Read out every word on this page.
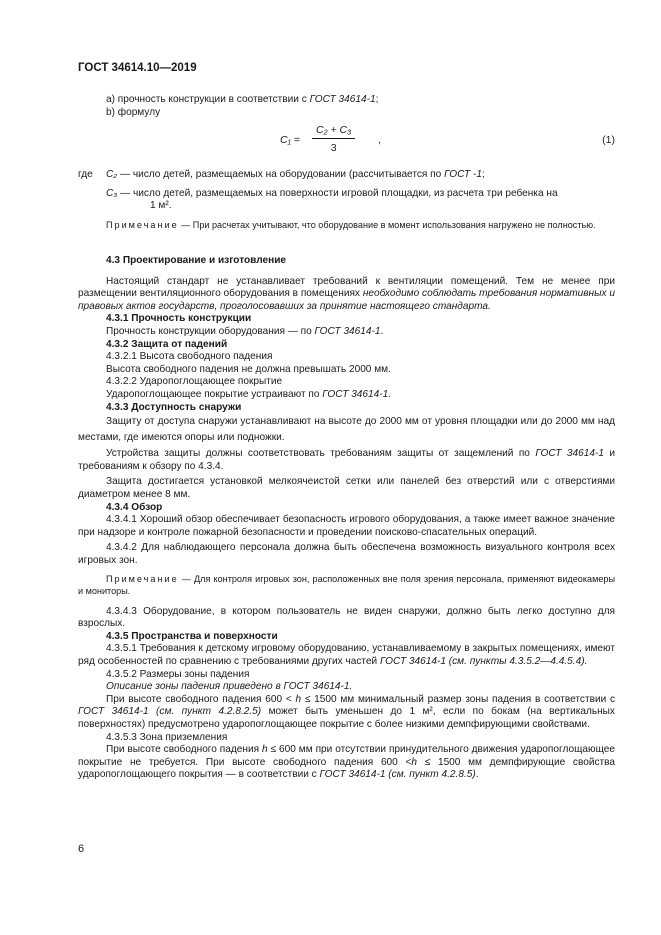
ГОСТ 34614.10—2019

а) прочность конструкции в соответствии с ГОСТ 34614-1;

b) формулу

$C_1 = \frac{\text{C₂ + C₃}}{3}$ ,	(1)
где C₂ — число детей, размещаемых на оборудовании (рассчитывается по ГОСТ -1;
C₃ — число детей, размещаемых на поверхности игровой площадки, из расчета три ребенка на
1 м².

Примечание — При расчетах учитывают, что оборудование в момент использования нагружено не полностью.

4.3 Проектирование и изготовление

Настоящий стандарт не устанавливает требований к вентиляции помещений. Тем не менее при размещении вентиляционного оборудования в помещениях необходимо соблюдать требования нормативных и правовых актов государств, проголосовавших за принятие настоящего стандарта.

4.3.1 Прочность конструкции

Прочность конструкции оборудования — по ГОСТ 34614-1.

4.3.2 Защита от падений

4.3.2.1 Высота свободного падения

Высота свободного падения не должна превышать 2000 мм.

4.3.2.2 Удaропоглощающее покрытие

Удaропоглощающее покрытие устраивают по ГОСТ 34614-1.

4.3.3 Доступность снаружи

Защиту от доступа снаружи устанавливают на высоте до 2000 мм от уровня площадки или до 2000 мм над местами, где имеются опоры или подножки.

Устройства защиты должны соответствовать требованиям защиты от защемлений по ГОСТ 34614-1 и требованиям к обзору по 4.3.4.

Защита достигается установкой мелкоячеистой сетки или панелей без отверстий или с отверстиями диаметром менее 8 мм.

4.3.4 Обзор

4.3.4.1 Хороший обзор обеспечивает безопасность игрового оборудования, а также имеет важное значение при надзоре и контроле пожарной безопасности и проведении поисково-спасательных операций.

4.3.4.2 Для наблюдающего персонала должна быть обеспечена возможность визуального контроля всех игровых зон.

Примечание — Для контроля игровых зон, расположенных вне поля зрения персонала, применяют видеокамеры и мониторы.

4.3.4.3 Оборудование, в котором пользователь не виден снаружи, должно быть легко доступно для взрослых.

4.3.5 Пространства и поверхности

4.3.5.1 Требования к детскому игровому оборудованию, устанавливаемому в закрытых помещениях, имеют ряд особенностей по сравнению с требованиями других частей ГОСТ 34614-1 (см. пункты 4.3.5.2—4.4.5.4).

4.3.5.2 Размеры зоны падения

Описание зоны падения приведено в ГОСТ 34614-1.

При высоте свободного падения 600 < h ≤ 1500 мм минимальный размер зоны падения в соответствии с ГОСТ 34614-1 (см. пункт 4.2.8.2.5) может быть уменьшен до 1 м², если по бокам (на вертикальных поверхностях) предусмотрено удaропоглощающее покрытие с более низкими демпфирующими свойствами.

4.3.5.3 Зона приземления

При высоте свободного падения h ≤ 600 мм при отсутствии принудительного движения удaропоглощающее покрытие не требуется. При высоте свободного падения 600 <h ≤ 1500 мм демпфирующие свойства удaропоглощающего покрытия — в соответствии с ГОСТ 34614-1 (см. пункт 4.2.8.5).

6
